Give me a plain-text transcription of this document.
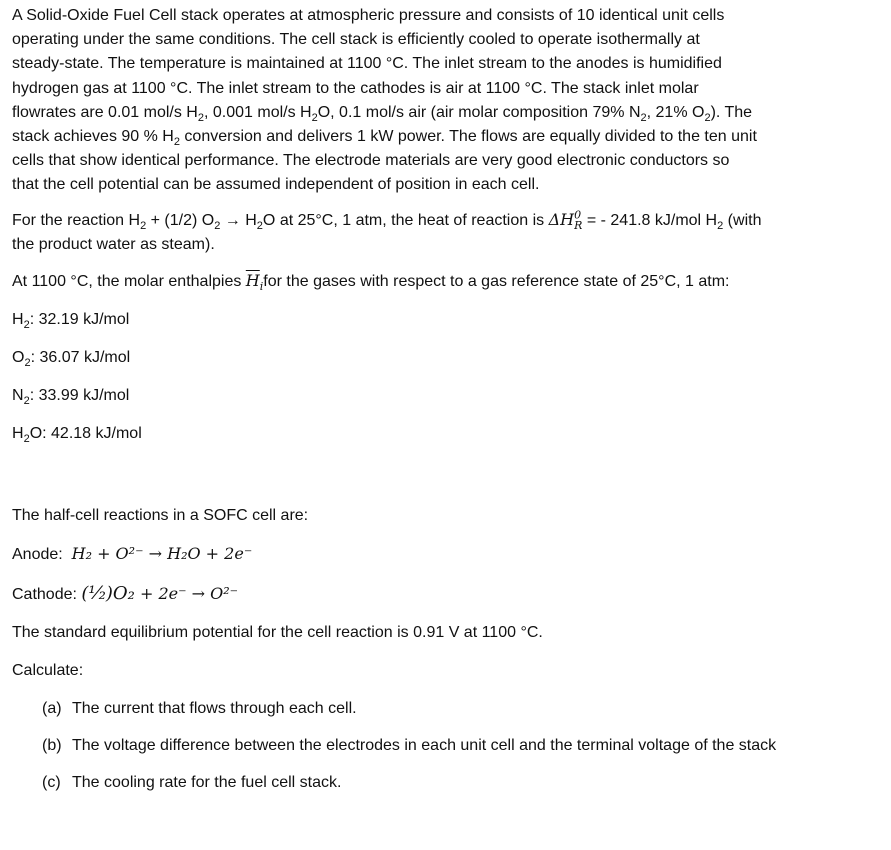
A Solid-Oxide Fuel Cell stack operates at atmospheric pressure and consists of 10 identical unit cells

operating under the same conditions. The cell stack is efficiently cooled to operate isothermally at

steady-state. The temperature is maintained at 1100 °C. The inlet stream to the anodes is humidified

hydrogen gas at 1100 °C. The inlet stream to the cathodes is air at 1100 °C. The stack inlet molar

flowrates are 0.01 mol/s $H_2$, 0.001 mol/s $H_2O$, 0.1 mol/s air (air molar composition 79% $N_2$, 21% $O_2$). The

stack achieves 90 % $H_2$ conversion and delivers 1 kW power. The flows are equally divided to the ten unit

cells that show identical performance. The electrode materials are very good electronic conductors so

that the cell potential can be assumed independent of position in each cell.

For the reaction $H_2 + (1/2) O_2 \to H_2O$ at 25°C, 1 atm, the heat of reaction is $\Delta H^0_R$ = - 241.8 kJ/mol $H_2$ (with

the product water as steam).

At 1100 °C, the molar enthalpies $\overline{H}_ifor$ the gases with respect to a gas reference state of 25°C, 1 atm:

$H_2$: 32.19 kJ/mol

$O_2$: 36.07 kJ/mol

$N_2$: 33.99 kJ/mol

$H_2O$: 42.18 kJ/mol

The half-cell reactions in a SOFC cell are:

Anode: H₂ + O²⁻ → H₂O + 2e⁻

Cathode: (¹⁄₂)O₂ + 2e⁻ → O²⁻

The standard equilibrium potential for the cell reaction is 0.91 V at 1100 °C.

Calculate:

(a) The current that flows through each cell.
(b) The voltage difference between the electrodes in each unit cell and the terminal voltage of the stack
(c) The cooling rate for the fuel cell stack.
